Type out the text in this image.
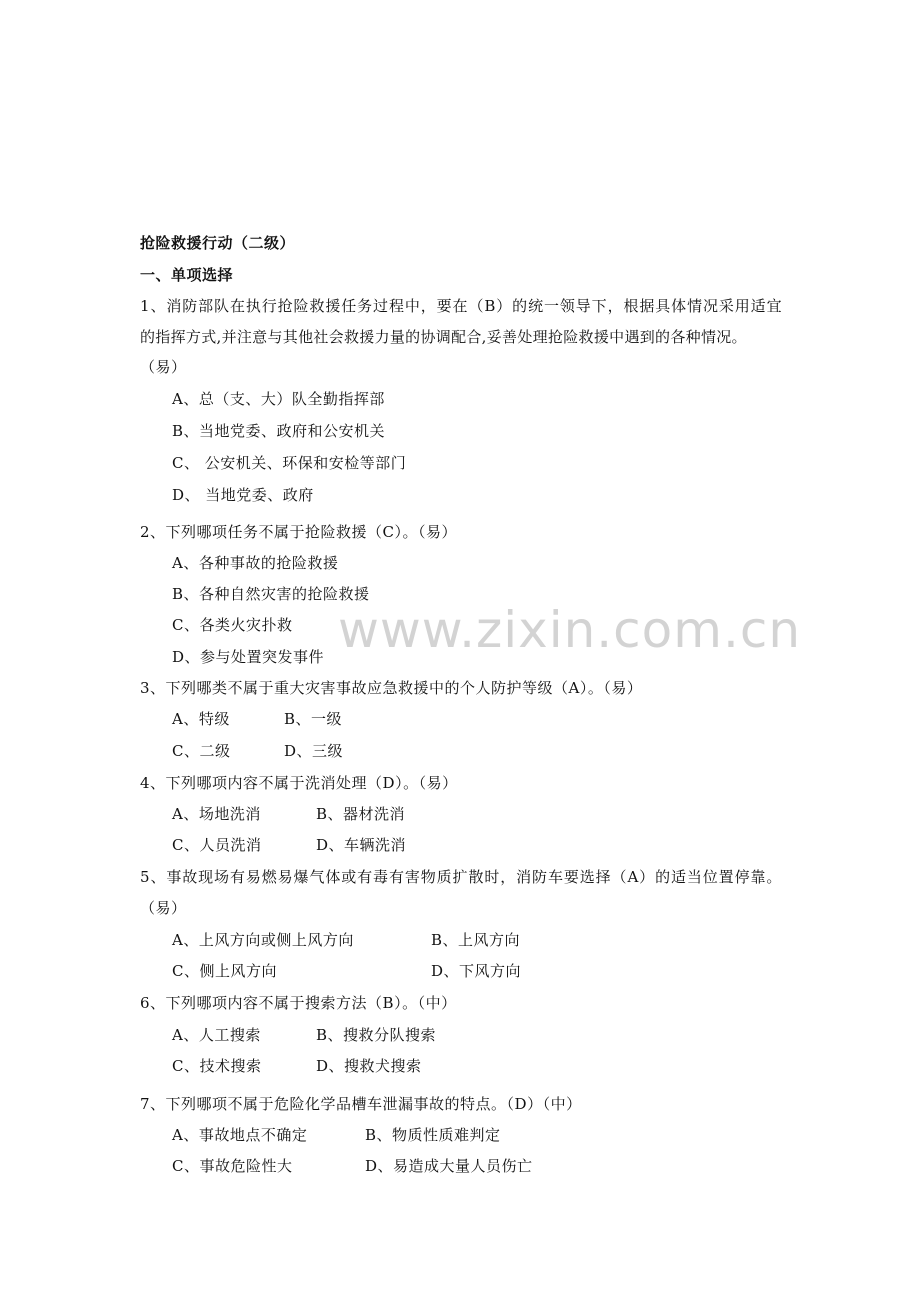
www.zixin.com.cn
抢险救援行动（二级）
一、单项选择
1、消防部队在执行抢险救援任务过程中，要在（B）的统一领导下，根据具体情况采用适宜
的指挥方式,并注意与其他社会救援力量的协调配合,妥善处理抢险救援中遇到的各种情况。
（易）
A、总（支、大）队全勤指挥部
B、当地党委、政府和公安机关
C、 公安机关、环保和安检等部门
D、 当地党委、政府
2、下列哪项任务不属于抢险救援（C）。（易）
A、各种事故的抢险救援
B、各种自然灾害的抢险救援
C、各类火灾扑救
D、参与处置突发事件
3、下列哪类不属于重大灾害事故应急救援中的个人防护等级（A）。（易）
A、特级	B、一级
C、二级	D、三级
4、下列哪项内容不属于洗消处理（D）。（易）
A、场地洗消	B、器材洗消
C、人员洗消	D、车辆洗消
5、事故现场有易燃易爆气体或有毒有害物质扩散时，消防车要选择（A）的适当位置停靠。
（易）
A、上风方向或侧上风方向	B、上风方向
C、侧上风方向	D、下风方向
6、下列哪项内容不属于搜索方法（B）。（中）
A、人工搜索	B、搜救分队搜索
C、技术搜索	D、搜救犬搜索
7、下列哪项不属于危险化学品槽车泄漏事故的特点。（D）（中）
A、事故地点不确定	B、物质性质难判定
C、事故危险性大	D、易造成大量人员伤亡
